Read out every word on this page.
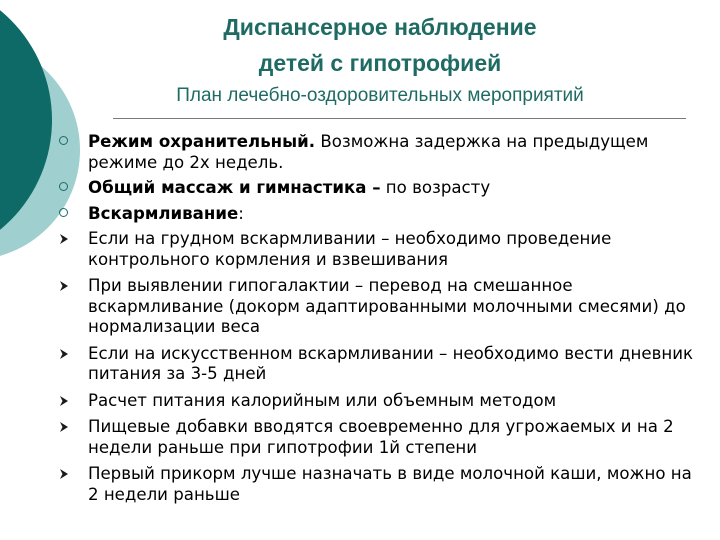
Диспансерное наблюдение
детей с гипотрофией
План лечебно-оздоровительных мероприятий
Режим охранительный. Возможна задержка на предыдущем режиме до 2х недель.
Общий массаж и гимнастика – по возрасту
Вскармливание:
Если на грудном вскармливании – необходимо проведение контрольного кормления и взвешивания
При выявлении гипогалактии – перевод на смешанное вскармливание (докорм адаптированными молочными смесями) до нормализации веса
Если на искусственном вскармливании – необходимо вести дневник питания за 3-5 дней
Расчет питания калорийным или объемным методом
Пищевые добавки вводятся своевременно для угрожаемых и на 2 недели раньше при гипотрофии 1й степени
Первый прикорм лучше назначать в виде молочной каши, можно на 2 недели раньше
